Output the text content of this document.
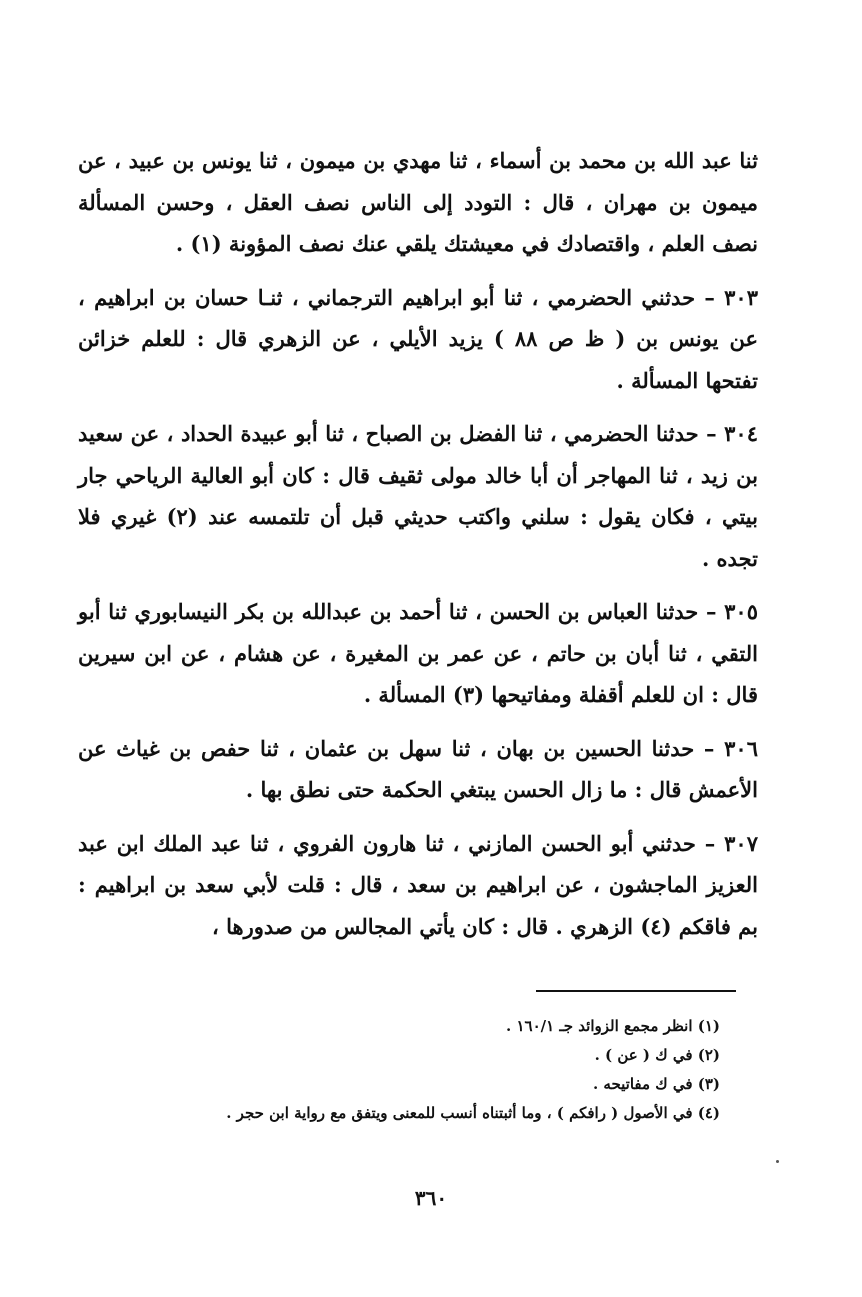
ثنا عبد الله بن محمد بن أسماء ، ثنا مهدي بن ميمون ، ثنا يونس بن عبيد ، عن ميمون بن مهران ، قال : التودد إلى الناس نصف العقل ، وحسن المسألة نصف العلم ، واقتصادك في معيشتك يلقي عنك نصف المؤونة (١) .

٣٠٣ – حدثني الحضرمي ، ثنا أبو ابراهيم الترجماني ، ثنـا حسان بن ابراهيم ، عن يونس بن ( ظ ص ٨٨ ) يزيد الأيلي ، عن الزهري قال : للعلم خزائن تفتحها المسألة .

٣٠٤ – حدثنا الحضرمي ، ثنا الفضل بن الصباح ، ثنا أبو عبيدة الحداد ، عن سعيد بن زيد ، ثنا المهاجر أن أبا خالد مولى ثقيف قال : كان أبو العالية الرياحي جار بيتي ، فكان يقول : سلني واكتب حديثي قبل أن تلتمسه عند (٢) غيري فلا تجده .

٣٠٥ – حدثنا العباس بن الحسن ، ثنا أحمد بن عبدالله بن بكر النيسابوري ثنا أبو التقي ، ثنا أبان بن حاتم ، عن عمر بن المغيرة ، عن هشام ، عن ابن سيرين قال : ان للعلم أقفلة ومفاتيحها (٣) المسألة .

٣٠٦ – حدثنا الحسين بن بهان ، ثنا سهل بن عثمان ، ثنا حفص بن غياث عن الأعمش قال : ما زال الحسن يبتغي الحكمة حتى نطق بها .

٣٠٧ – حدثني أبو الحسن المازني ، ثنا هارون الفروي ، ثنا عبد الملك ابن عبد العزيز الماجشون ، عن ابراهيم بن سعد ، قال : قلت لأبي سعد بن ابراهيم : بم فاقكم (٤) الزهري . قال : كان يأتي المجالس من صدورها ،

(١) انظر مجمع الزوائد جـ ١٦٠/١ .

(٢) في ك ( عن ) .

(٣) في ك مفاتيحه .

(٤) في الأصول ( رافكم ) ، وما أثبتناه أنسب للمعنى ويتفق مع رواية ابن حجر .

٣٦٠
